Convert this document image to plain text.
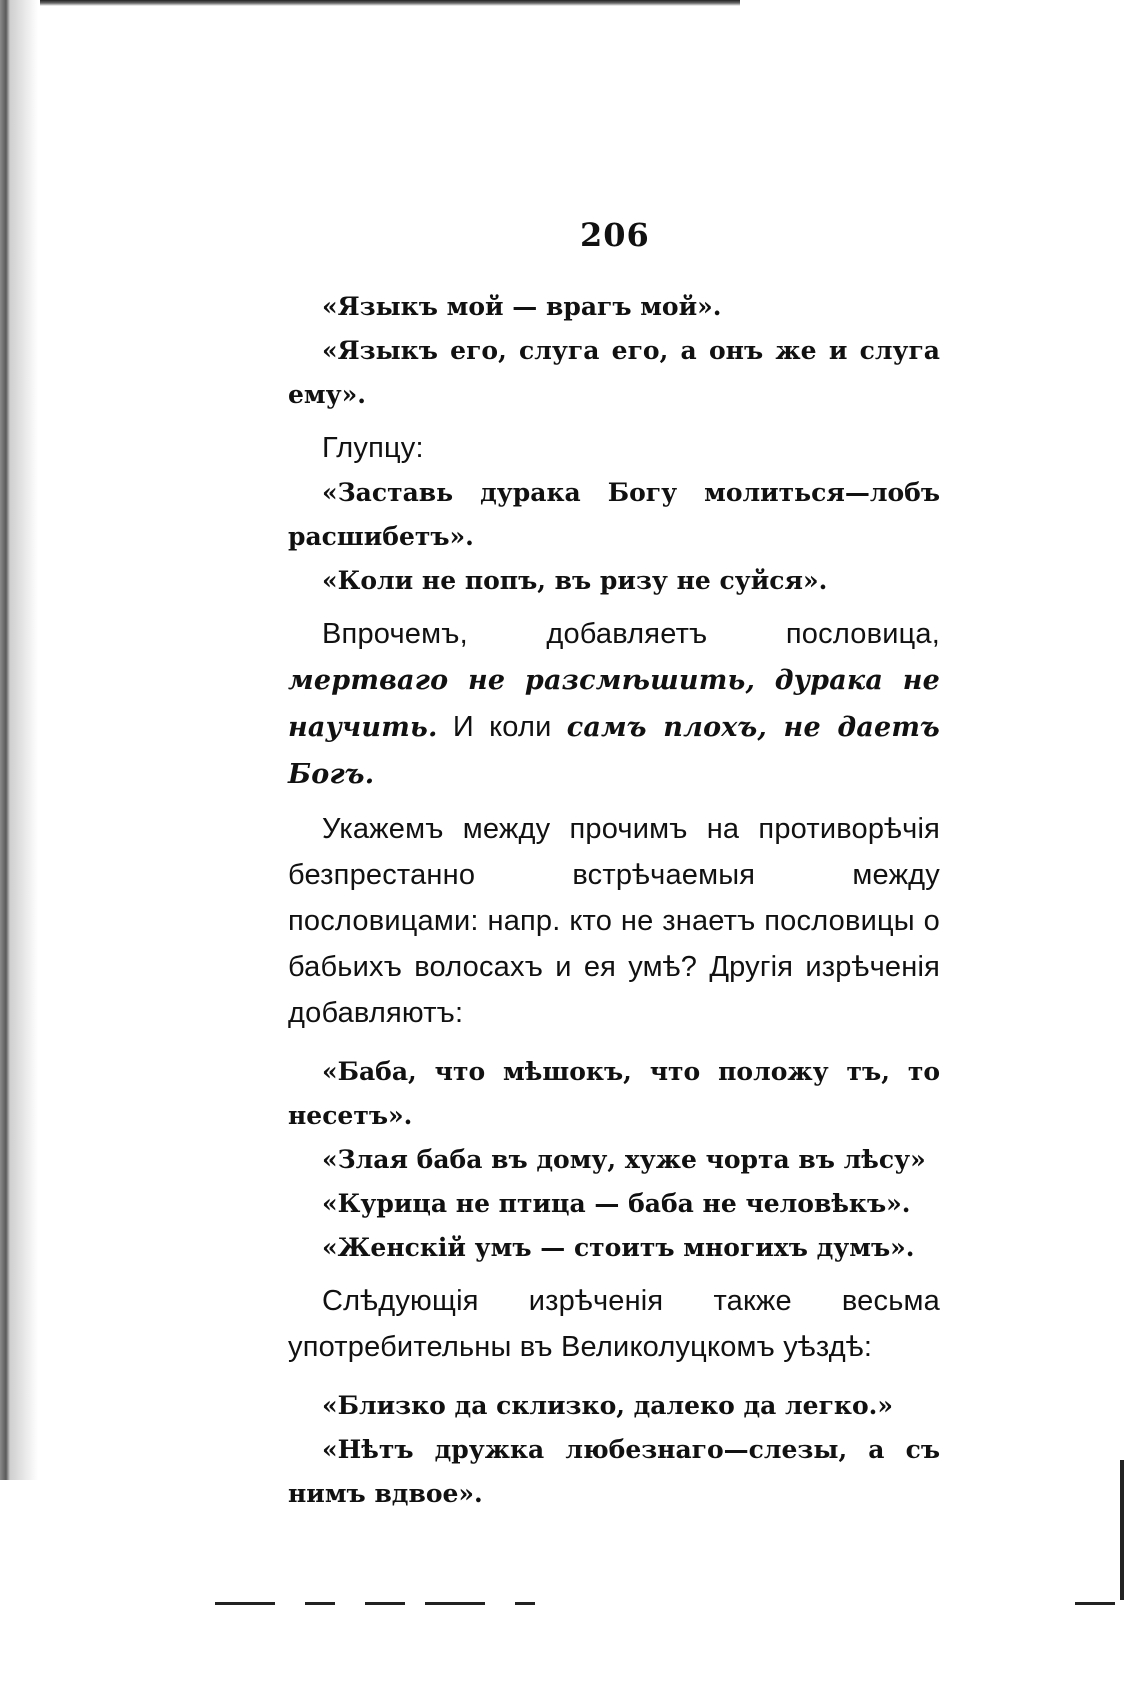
206

«Языкъ мой — врагъ мой».

«Языкъ его, слуга его, а онъ же и слуга ему».

Глупцу:

«Заставь дурака Богу молиться—лобъ расшибетъ».

«Коли не попъ, въ ризу не суйся».

Впрочемъ, добавляетъ пословица, мертваго не разсмѣшить, дурака не научить. И коли самъ плохъ, не даетъ Богъ.

Укажемъ между прочимъ на противорѣчія безпрестанно встрѣчаемыя между пословицами: напр. кто не знаетъ пословицы о бабьихъ волосахъ и ея умѣ? Другія изрѣченія добавляютъ:

«Баба, что мѣшокъ, что положу тъ, то несетъ».

«Злая баба въ дому, хуже чорта въ лѣсу»

«Курица не птица — баба не человѣкъ».

«Женскій умъ — стоитъ многихъ думъ».

Слѣдующія изрѣченія также весьма употребительны въ Великолуцкомъ уѣздѣ:

«Близко да склизко, далеко да легко.»

«Нѣтъ дружка любезнаго—слезы, а съ нимъ вдвое».
